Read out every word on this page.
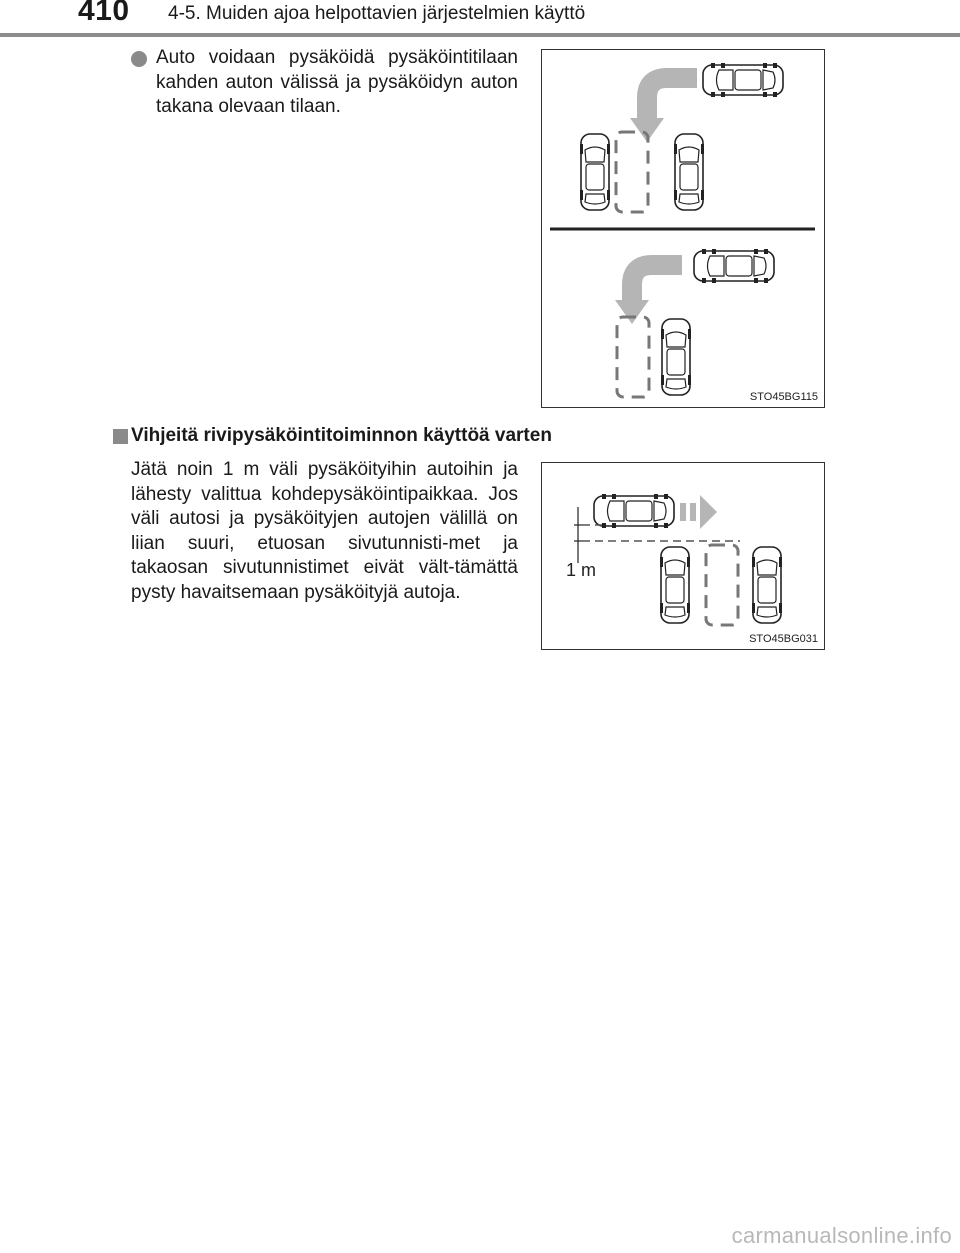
410 4-5. Muiden ajoa helpottavien järjestelmien käyttö
Auto voidaan pysäköidä pysäköintitilaan kahden auton välissä ja pysäköidyn auton takana olevaan tilaan.
STO45BG115
Vihjeitä rivipysäköintitoiminnon käyttöä varten
Jätä noin 1 m väli pysäköityihin autoihin ja lähesty valittua kohdepysäköintipaikkaa. Jos väli autosi ja pysäköityjen autojen välillä on liian suuri, etuosan sivutunnisti-met ja takaosan sivutunnistimet eivät vält-tämättä pysty havaitsemaan pysäköityjä autoja.
1 m
STO45BG031
carmanualsonline.info
